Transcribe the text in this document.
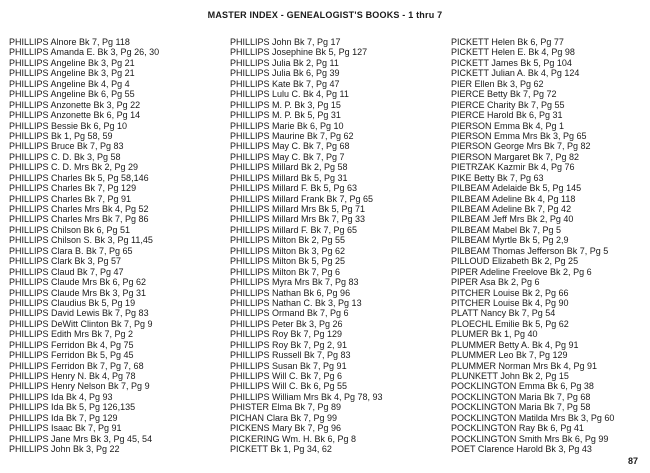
MASTER INDEX - GENEALOGIST'S BOOKS - 1 thru 7
PHILLIPS Alnore Bk 7, Pg 118
PHILLIPS Amanda E. Bk 3, Pg 26, 30
PHILLIPS Angeline Bk 3, Pg 21
PHILLIPS Angeline Bk 3, Pg 21
PHILLIPS Angeline Bk 4, Pg 4
PHILLIPS Angeline Bk 6, Pg 55
PHILLIPS Anzonette Bk 3, Pg 22
PHILLIPS Anzonette Bk 6, Pg 14
PHILLIPS Bessie Bk 6, Pg 10
PHILLIPS Bk 1, Pg 58, 59
PHILLIPS Bruce Bk 7, Pg 83
PHILLIPS C. D. Bk 3, Pg 58
PHILLIPS C. D. Mrs Bk 2, Pg 29
PHILLIPS Charles Bk 5, Pg 58,146
PHILLIPS Charles Bk 7, Pg 129
PHILLIPS Charles Bk 7, Pg 91
PHILLIPS Charles Mrs Bk 4, Pg 52
PHILLIPS Charles Mrs Bk 7, Pg 86
PHILLIPS Chilson Bk 6, Pg 51
PHILLIPS Chilson S. Bk 3, Pg 11,45
PHILLIPS Clara B. Bk 7, Pg 65
PHILLIPS Clark Bk 3, Pg 57
PHILLIPS Claud Bk 7, Pg 47
PHILLIPS Claude Mrs Bk 6, Pg 62
PHILLIPS Claude Mrs Bk 3, Pg 31
PHILLIPS Claudius Bk 5, Pg 19
PHILLIPS David Lewis Bk 7, Pg 83
PHILLIPS DeWitt Clinton Bk 7, Pg 9
PHILLIPS Edith Mrs Bk 7, Pg 2
PHILLIPS Ferridon Bk 4, Pg 75
PHILLIPS Ferridon Bk 5, Pg 45
PHILLIPS Ferridon Bk 7, Pg 7, 68
PHILLIPS Henry N. Bk 4, Pg 78
PHILLIPS Henry Nelson Bk 7, Pg 9
PHILLIPS Ida Bk 4, Pg 93
PHILLIPS Ida Bk 5, Pg 126,135
PHILLIPS Ida Bk 7, Pg 129
PHILLIPS Isaac Bk 7, Pg 91
PHILLIPS Jane Mrs Bk 3, Pg 45, 54
PHILLIPS John Bk 3, Pg 22
PHILLIPS John Bk 7, Pg 17
PHILLIPS Josephine Bk 5, Pg 127
PHILLIPS Julia Bk 2, Pg 11
PHILLIPS Julia Bk 6, Pg 39
PHILLIPS Kate Bk 7, Pg 47
PHILLIPS Lulu C. Bk 4, Pg 11
PHILLIPS M. P. Bk 3, Pg 15
PHILLIPS M. P. Bk 5, Pg 31
PHILLIPS Marie Bk 6, Pg 10
PHILLIPS Maurine Bk 7, Pg 62
PHILLIPS May C. Bk 7, Pg 68
PHILLIPS May C. Bk 7, Pg 7
PHILLIPS Millard Bk 2, Pg 58
PHILLIPS Millard Bk 5, Pg 31
PHILLIPS Millard F. Bk 5, Pg 63
PHILLIPS Millard Frank Bk 7, Pg 65
PHILLIPS Millard Mrs Bk 5, Pg 71
PHILLIPS Millard Mrs Bk 7, Pg 33
PHILLIPS Millard F. Bk 7, Pg 65
PHILLIPS Milton Bk 2, Pg 55
PHILLIPS Milton Bk 3, Pg 62
PHILLIPS Milton Bk 5, Pg 25
PHILLIPS Milton Bk 7, Pg 6
PHILLIPS Myra Mrs Bk 7, Pg 83
PHILLIPS Nathan Bk 6, Pg 96
PHILLIPS Nathan C. Bk 3, Pg 13
PHILLIPS Ormand Bk 7, Pg 6
PHILLIPS Peter Bk 3, Pg 26
PHILLIPS Roy Bk 7, Pg 129
PHILLIPS Roy Bk 7, Pg 2, 91
PHILLIPS Russell Bk 7, Pg 83
PHILLIPS Susan Bk 7, Pg 91
PHILLIPS Will C. Bk 7, Pg 6
PHILLIPS Will C. Bk 6, Pg 55
PHILLIPS William Mrs Bk 4, Pg 78, 93
PHISTER Elma Bk 7, Pg 89
PICHAN Clara Bk 7, Pg 99
PICKENS Mary Bk 7, Pg 96
PICKERING Wm. H. Bk 6, Pg 8
PICKETT Bk 1, Pg 34, 62
PICKETT Helen Bk 6, Pg 77
PICKETT Helen E. Bk 4, Pg 98
PICKETT James Bk 5, Pg 104
PICKETT Julian A. Bk 4, Pg 124
PIER Ellen Bk 3, Pg 62
PIERCE Betty Bk 7, Pg 72
PIERCE Charity Bk 7, Pg 55
PIERCE Harold Bk 6, Pg 31
PIERSON Emma Bk 4, Pg 1
PIERSON Emma Mrs Bk 3, Pg 65
PIERSON George Mrs Bk 7, Pg 82
PIERSON Margaret Bk 7, Pg 82
PIETRZAK Kazmir Bk 4, Pg 76
PIKE Betty Bk 7, Pg 63
PILBEAM Adelaide Bk 5, Pg 145
PILBEAM Adeline Bk 4, Pg 118
PILBEAM Adeline Bk 7, Pg 42
PILBEAM Jeff Mrs Bk 2, Pg 40
PILBEAM Mabel Bk 7, Pg 5
PILBEAM Myrtle Bk 5, Pg 2,9
PILBEAM Thomas Jefferson Bk 7, Pg 5
PILLOUD Elizabeth Bk 2, Pg 25
PIPER Adeline Freelove Bk 2, Pg 6
PIPER Asa Bk 2, Pg 6
PITCHER Louise Bk 2, Pg 66
PITCHER Louise Bk 4, Pg 90
PLATT Nancy Bk 7, Pg 54
PLOECHL Emilie Bk 5, Pg 62
PLUMER Bk 1, Pg 40
PLUMMER Betty A. Bk 4, Pg 91
PLUMMER Leo Bk 7, Pg 129
PLUMMER Norman Mrs Bk 4, Pg 91
PLUNKETT John Bk 2, Pg 15
POCKLINGTON Emma Bk 6, Pg 38
POCKLINGTON Maria Bk 7, Pg 68
POCKLINGTON Maria Bk 7, Pg 58
POCKLINGTON Matilda Mrs Bk 3, Pg 60
POCKLINGTON Ray Bk 6, Pg 41
POCKLINGTON Smith Mrs Bk 6, Pg 99
POET Clarence Harold Bk 3, Pg 43
87
